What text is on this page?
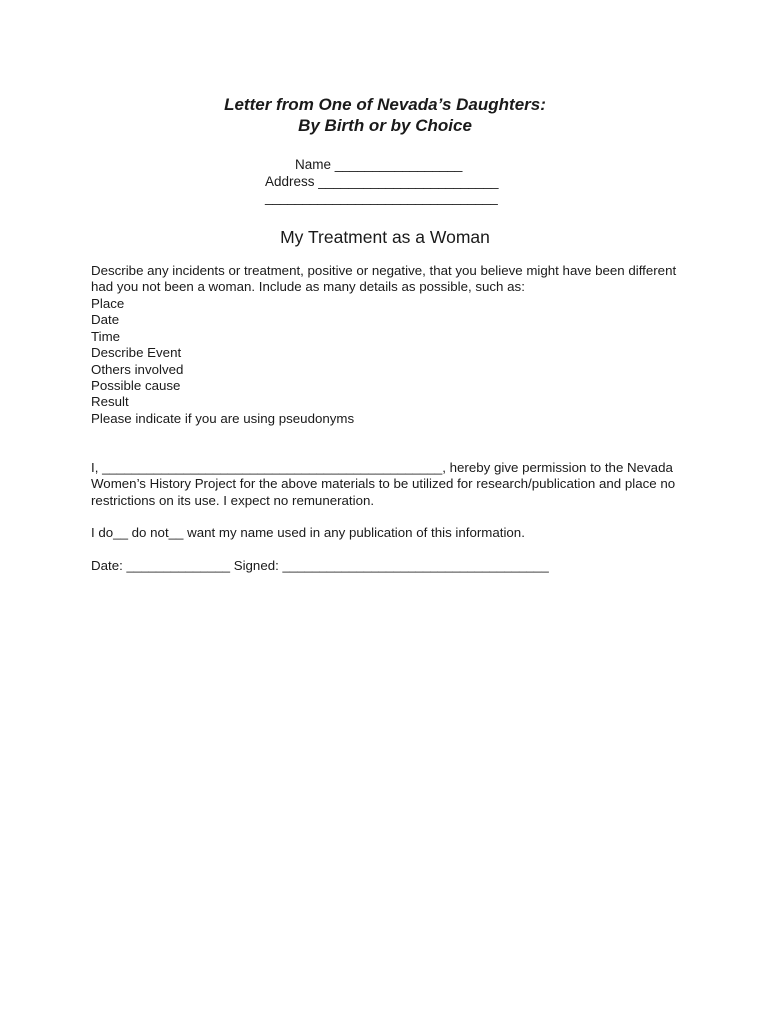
Letter from One of Nevada’s Daughters:
By Birth or by Choice
Name _________________
Address ________________________
_______________________________
My Treatment as a Woman

Describe any incidents or treatment, positive or negative, that you believe might have been different had you not been a woman. Include as many details as possible, such as:

Place
Date
Time
Describe Event
Others involved
Possible cause
Result
Please indicate if you are using pseudonyms

I, ______________________________________________, hereby give permission to the Nevada Women’s History Project for the above materials to be utilized for research/publication and place no restrictions on its use. I expect no remuneration.

I do__ do not__ want my name used in any publication of this information.

Date: ______________ Signed: ____________________________________
